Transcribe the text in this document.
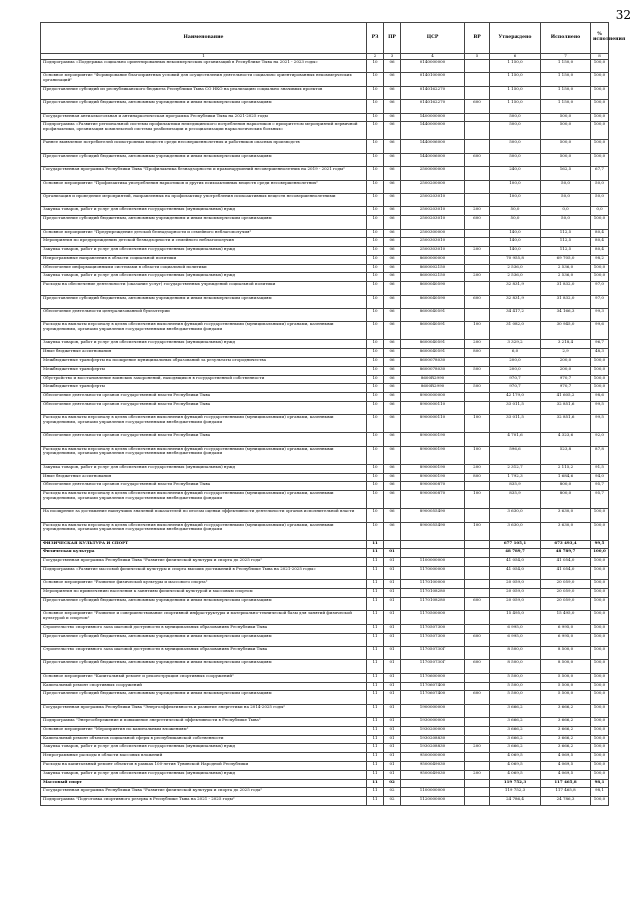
32
Наименование	РЗ	ПР	ЦСР	ВР	Утверждено	Исполнено	% исполнения
1	2	3	4	5	6	7	8
Подпрограмма «Поддержка социально ориентированных некоммерческих организаций в Республике Тыва на 2021 - 2023 годы»	10	06	0140000000		1 150,0	1 150,0	100,0
Основное мероприятие "Формирование благоприятных условий для осуществления деятельности социально ориентированных некоммерческих организаций"	10	06	0140100000		1 150,0	1 150,0	100,0
Предоставление субсидий из республиканского бюджета Республики Тыва СО НКО на реализацию социально значимых проектов	10	06	0140162270		1 150,0	1 150,0	100,0
Предоставление субсидий бюджетным, автономным учреждениям и иным некоммерческим организациям	10	06	0140162270	600	1 150,0	1 150,0	100,0
Государственная антиалкогольная и антинаркотическая программа Республики Тыва на 2021-2025 годы	10	06	1400000000		500,0	500,0	100,0
Подпрограмма «Развитие региональной системы профилактики немедицинского потребления наркотиков с приоритетом мероприятий первичной профилактики, организация комплексной системы реабилитации и ресоциализации наркологических больных»	10	06	1440000000		500,0	500,0	100,0
Раннее выявление потребителей психотропных веществ среди несовершеннолетних и работников опасных производств	10	06	1440006000		500,0	500,0	100,0
Предоставление субсидий бюджетным, автономным учреждениям и иным некоммерческим организациям	10	06	1440006000	600	500,0	500,0	100,0
Государственная программа Республики Тыва "Профилактика безнадзорности и правонарушений несовершеннолетних на 2019 - 2021 годы"	10	06	2500000000		240,0	162,5	67,7
Основное мероприятие "Профилактика употребления наркотиков и других психоактивных веществ среди несовершеннолетних"	10	06	2500200000		100,0	50,0	50,0
Организация и проведение мероприятий, направленных на профилактику употребления психоактивных веществ несовершеннолетними	10	06	2500203010		100,0	50,0	50,0
Закупка товаров, работ и услуг для обеспечения государственных (муниципальных) нужд	10	06	2500203010	200	50,0	0,0	0,0
Предоставление субсидий бюджетным, автономным учреждениям и иным некоммерческим организациям	10	06	2500203010	600	50,0	50,0	100,0
Основное мероприятие "Предупреждение детской безнадзорности и семейного неблагополучия"	10	06	2500300000		140,0	112,5	80,4
Мероприятия по предупреждению детской безнадзорности и семейного неблагополучия	10	06	2500303010		140,0	112,5	80,4
Закупка товаров, работ и услуг для обеспечения государственных (муниципальных) нужд	10	06	2500303010	200	140,0	112,5	80,4
Непрограммные направления в области социальной политики	10	06	8600000000		70 955,8	69 705,0	98,2
Обеспечение информационными системами в области социальной политики	10	06	8600002150		2 536,0	2 536,0	100,0
Закупка товаров, работ и услуг для обеспечения государственных (муниципальных) нужд	10	06	8600002150	200	2 536,0	2 536,0	100,0
Расходы на обеспечение деятельности (оказание услуг) государственных учреждений социальной политики	10	06	8600040590		32 831,9	31 832,0	97,0
Предоставление субсидий бюджетным, автономным учреждениям и иным некоммерческим организациям	10	06	8600040590	600	32 831,9	31 832,0	97,0
Обеспечение деятельности централизованной бухгалтерии	10	06	8600040591		34 417,2	34 166,3	99,3
Расходы на выплаты персоналу в целях обеспечения выполнения функций государственными (муниципальными) органами, казенными учреждениями, органами управления государственными внебюджетными фондами	10	06	8600040591	100	31 082,0	30 945,0	99,6
Закупка товаров, работ и услуг для обеспечения государственных (муниципальных) нужд	10	06	8600040591	200	3 329,2	3 218,4	96,7
Иные бюджетные ассигнования	10	06	8600040591	800	6,0	2,9	48,3
Межбюджетные трансферты на поощрение муниципальных образований за результаты огородничества	10	06	8600078030		200,0	200,0	100,0
Межбюджетные трансферты	10	06	8600078030	500	200,0	200,0	100,0
Обустройство и восстановление воинских захоронений, находящихся в государственной собственности	10	06	8600R2990		970,7	970,7	100,0
Межбюджетные трансферты	10	06	8600R2990	500	970,7	970,7	100,0
Обеспечение деятельности органов государственной власти Республики Тыва	10	06	8900000000		42 179,0	41 605,2	98,6
Обеспечение деятельности органов государственной власти Республики Тыва	10	06	8900000110		33 011,5	32 851,6	99,5
Расходы на выплаты персоналу в целях обеспечения выполнения функций государственными (муниципальными) органами, казенными учреждениями, органами управления государственными внебюджетными фондами	10	06	8900000110	100	33 011,5	32 851,6	99,5
Обеспечение деятельности органов государственной власти Республики Тыва	10	06	8900000190		4 701,6	4 323,6	92,0
Расходы на выплаты персоналу в целях обеспечения выполнения функций государственными (муниципальными) органами, казенными учреждениями, органами управления государственными внебюджетными фондами	10	06	8900000190	100	596,6	523,8	87,8
Закупка товаров, работ и услуг для обеспечения государственных (муниципальных) нужд	10	06	8900000190	200	2 312,7	2 115,2	91,5
Иные бюджетные ассигнования	10	06	8900000190	800	1 792,3	1 684,6	94,0
Обеспечение деятельности органов государственной власти Республики Тыва	10	06	8900000870		835,9	800,0	95,7
Расходы на выплаты персоналу в целях обеспечения выполнения функций государственными (муниципальными) органами, казенными учреждениями, органами управления государственными внебюджетными фондами	10	06	8900000870	100	835,9	800,0	95,7
На поощрение за достижение наилучших значений показателей по итогам оценки эффективности деятельности органов исполнительной власти	10	06	8900055490		3 630,0	3 630,0	100,0
Расходы на выплаты персоналу в целях обеспечения выполнения функций государственными (муниципальными) органами, казенными учреждениями, органами управления государственными внебюджетными фондами	10	06	8900055490	100	3 630,0	3 630,0	100,0
ФИЗИЧЕСКАЯ КУЛЬТУРА И СПОРТ	11				677 105,1	673 493,4	99,5
Физическая культура	11	01			48 789,7	48 789,7	100,0
Государственная программа Республики Тыва "Развитие физической культуры и спорта до 2025 года"	11	01	1100000000		41 054,0	41 054,0	100,0
Подпрограмма «Развитие массовой физической культуры и спорта высших достижений в Республике Тыва на 2021-2025 годы»	11	01	1170000000		41 054,0	41 054,0	100,0
Основное мероприятие "Развитие физической культуры и массового спорта"	11	01	1170100000		20 059,0	20 059,0	100,0
Мероприятия по привлечению населения к занятиям физической культурой и массовым спортом	11	01	1170108280		20 059,0	20 059,0	100,0
Предоставление субсидий бюджетным, автономным учреждениям и иным некоммерческим организациям	11	01	1170108280	600	20 059,0	20 059,0	100,0
Основное мероприятие "Развитие и совершенствование спортивной инфраструктуры и материально-технической базы для занятий физической культурой и спортом"	11	01	1170500000		15 495,0	15 495,0	100,0
Строительство спортивного зала шаговой доступности в муниципальных образованиях Республики Тыва	11	01	1170507300		6 995,0	6 995,0	100,0
Предоставление субсидий бюджетным, автономным учреждениям и иным некоммерческим организациям	11	01	1170507300	600	6 995,0	6 995,0	100,0
Строительство спортивного зала шаговой доступности в муниципальных образованиях Республики Тыва	11	01	117050730Г		8 500,0	8 500,0	100,0
Предоставление субсидий бюджетным, автономным учреждениям и иным некоммерческим организациям	11	01	117050730Г	600	8 500,0	8 500,0	100,0
Основное мероприятие "Капитальный ремонт и реконструкция спортивных сооружений"	11	01	1170600000		5 500,0	5 500,0	100,0
Капитальный ремонт спортивных сооружений	11	01	1170607400		5 500,0	5 500,0	100,0
Предоставление субсидий бюджетным, автономным учреждениям и иным некоммерческим организациям	11	01	1170607400	600	5 500,0	5 500,0	100,0
Государственная программа Республики Тыва "Энергоэффективность и развитие энергетики на 2014-2025 годы"	11	01	1900000000		3 666,2	3 666,2	100,0
Подпрограмма "Энергосбережение и повышение энергетической эффективности в Республике Тыва"	11	01	1930000000		3 666,2	3 666,2	100,0
Основное мероприятие "Мероприятия по капитальным вложениям"	11	01	1930200000		3 666,2	3 666,2	100,0
Капитальный ремонт объектов социальной сферы в республиканской собственности	11	01	1930208830		3 666,2	3 666,2	100,0
Закупка товаров, работ и услуг для обеспечения государственных (муниципальных) нужд	11	01	1930208830	200	3 666,2	3 666,2	100,0
Непрограммные расходы в области массовых вложений	11	01	9500000000		4 069,5	4 069,5	100,0
Расходы на капитальный ремонт объектов в рамках 100-летия Тувинской Народной Республики	11	01	9500049030		4 069,5	4 069,5	100,0
Закупка товаров, работ и услуг для обеспечения государственных (муниципальных) нужд	11	01	9500049030	200	4 069,5	4 069,5	100,0
Массовый спорт	11	02			119 752,3	117 465,8	98,1
Государственная программа Республики Тыва "Развитие физической культуры и спорта до 2025 года"	11	02	1100000000		119 752,3	117 465,8	98,1
Подпрограмма "Подготовка спортивного резерва в Республике Тыва на 2021 - 2025 годы"	11	02	1120000000		24 786,4	24 786,3	100,0
